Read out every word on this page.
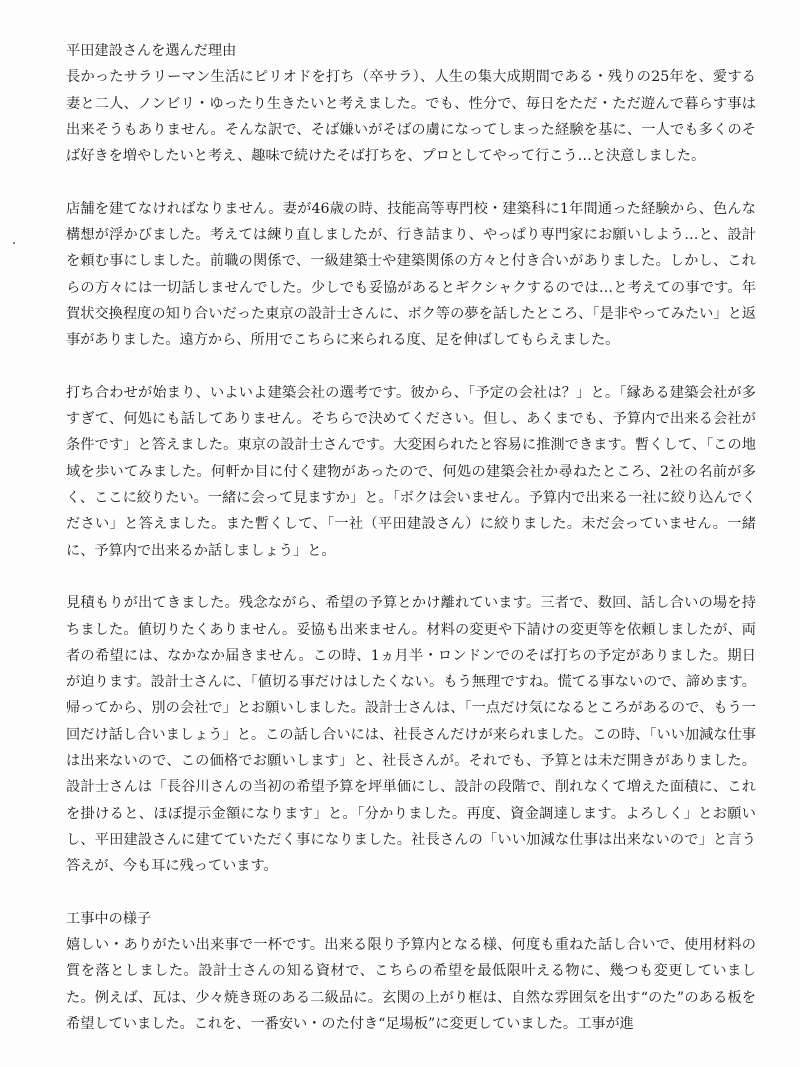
平田建設さんを選んだ理由

長かったサラリーマン生活にピリオドを打ち（卒サラ）、人生の集大成期間である・残りの25年を、愛する妻と二人、ノンビリ・ゆったり生きたいと考えました。でも、性分で、毎日をただ・ただ遊んで暮らす事は出来そうもありません。そんな訳で、そば嫌いがそばの虜になってしまった経験を基に、一人でも多くのそば好きを増やしたいと考え、趣味で続けたそば打ちを、プロとしてやって行こう…と決意しました。

店舗を建てなければなりません。妻が46歳の時、技能高等専門校・建築科に1年間通った経験から、色んな構想が浮かびました。考えては練り直しましたが、行き詰まり、やっぱり専門家にお願いしよう…と、設計を頼む事にしました。前職の関係で、一級建築士や建築関係の方々と付き合いがありました。しかし、これらの方々には一切話しませんでした。少しでも妥協があるとギクシャクするのでは…と考えての事です。年賀状交換程度の知り合いだった東京の設計士さんに、ボク等の夢を話したところ、「是非やってみたい」と返事がありました。遠方から、所用でこちらに来られる度、足を伸ばしてもらえました。

打ち合わせが始まり、いよいよ建築会社の選考です。彼から、「予定の会社は？」と。「縁ある建築会社が多すぎて、何処にも話してありません。そちらで決めてください。但し、あくまでも、予算内で出来る会社が条件です」と答えました。東京の設計士さんです。大変困られたと容易に推測できます。暫くして、「この地域を歩いてみました。何軒か目に付く建物があったので、何処の建築会社か尋ねたところ、2社の名前が多く、ここに絞りたい。一緒に会って見ますか」と。「ボクは会いません。予算内で出来る一社に絞り込んでください」と答えました。また暫くして、「一社（平田建設さん）に絞りました。未だ会っていません。一緒に、予算内で出来るか話しましょう」と。

見積もりが出てきました。残念ながら、希望の予算とかけ離れています。三者で、数回、話し合いの場を持ちました。値切りたくありません。妥協も出来ません。材料の変更や下請けの変更等を依頼しましたが、両者の希望には、なかなか届きません。この時、1ヵ月半・ロンドンでのそば打ちの予定がありました。期日が迫ります。設計士さんに、「値切る事だけはしたくない。もう無理ですね。慌てる事ないので、諦めます。帰ってから、別の会社で」とお願いしました。設計士さんは、「一点だけ気になるところがあるので、もう一回だけ話し合いましょう」と。この話し合いには、社長さんだけが来られました。この時、「いい加減な仕事は出来ないので、この価格でお願いします」と、社長さんが。それでも、予算とは未だ開きがありました。設計士さんは「長谷川さんの当初の希望予算を坪単価にし、設計の段階で、削れなくて増えた面積に、これを掛けると、ほぼ提示金額になります」と。「分かりました。再度、資金調達します。よろしく」とお願いし、平田建設さんに建てていただく事になりました。社長さんの「いい加減な仕事は出来ないので」と言う答えが、今も耳に残っています。

工事中の様子

嬉しい・ありがたい出来事で一杯です。出来る限り予算内となる様、何度も重ねた話し合いで、使用材料の質を落としました。設計士さんの知る資材で、こちらの希望を最低限叶える物に、幾つも変更していました。例えば、瓦は、少々焼き斑のある二級品に。玄関の上がり框は、自然な雰囲気を出す“のた”のある板を希望していました。これを、一番安い・のた付き“足場板”に変更していました。工事が進
